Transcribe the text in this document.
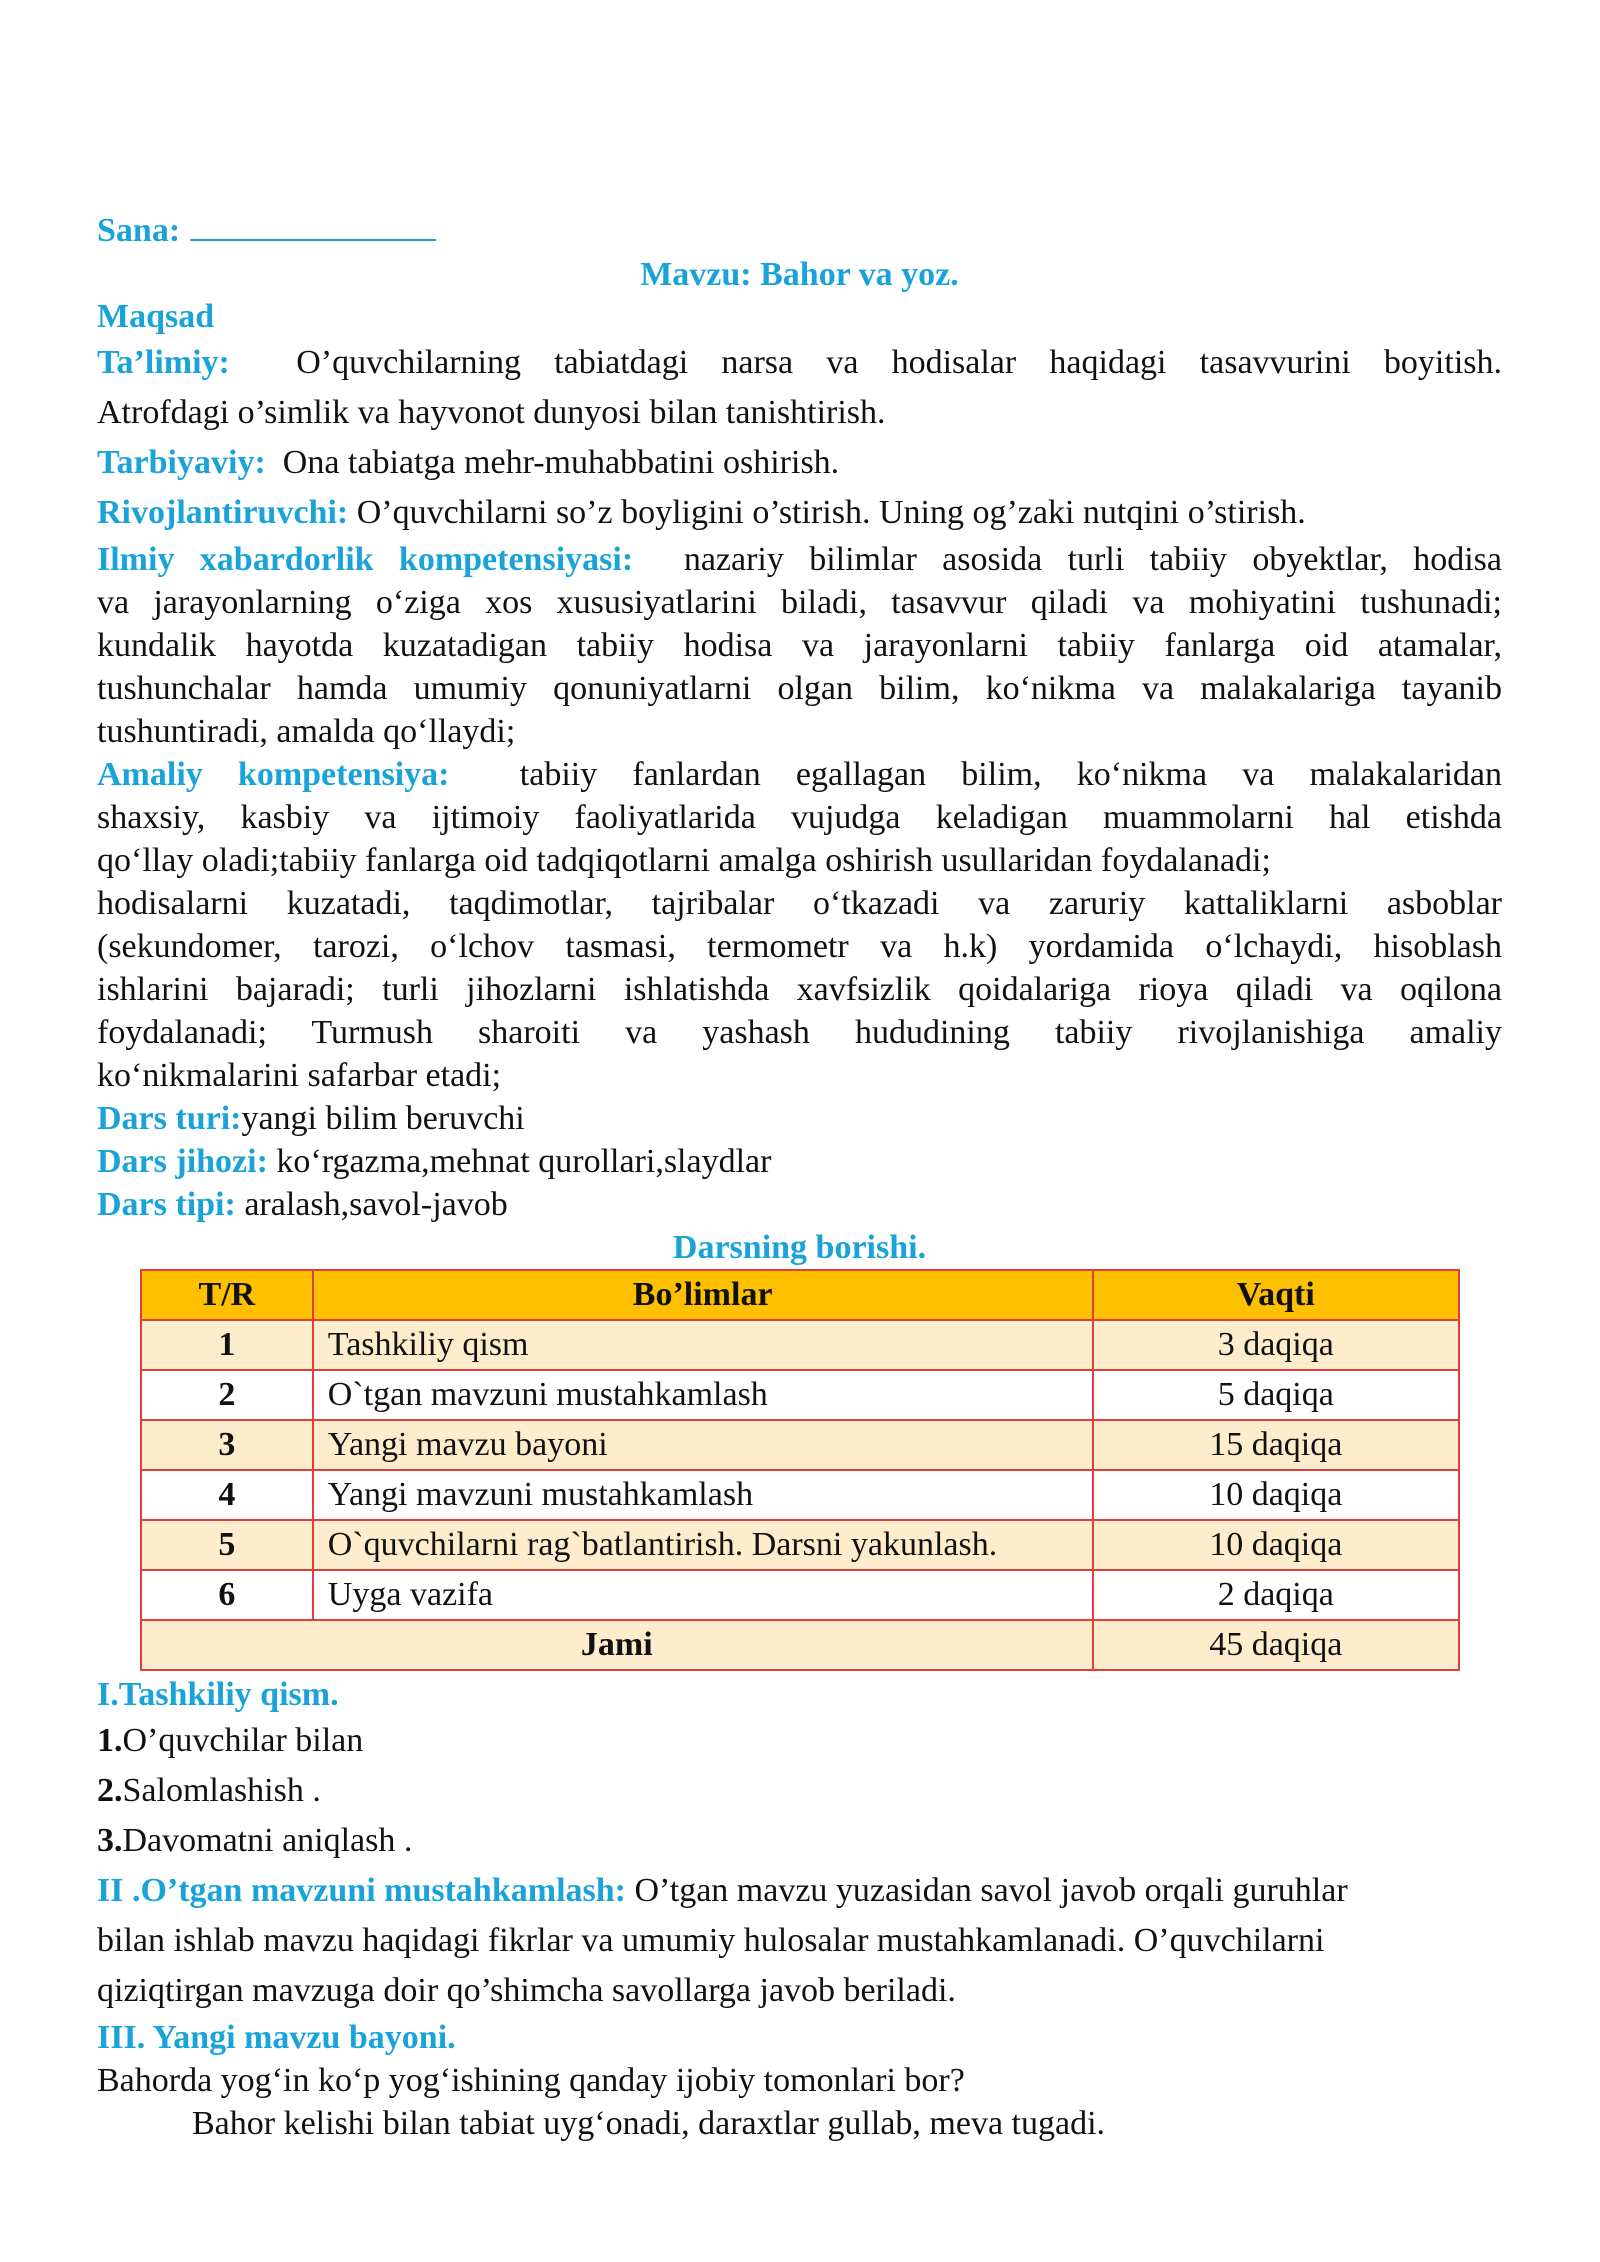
Sana:
Mavzu: Bahor va yoz.
Maqsad

Ta’limiy: O’quvchilarning tabiatdagi narsa va hodisalar haqidagi tasavvurini boyitish.

Atrofdagi o’simlik va hayvonot dunyosi bilan tanishtirish.

Tarbiyaviy: Ona tabiatga mehr-muhabbatini oshirish.

Rivojlantiruvchi: O’quvchilarni so’z boyligini o’stirish. Uning og’zaki nutqini o’stirish.

Ilmiy xabardorlik kompetensiyasi: nazariy bilimlar asosida turli tabiiy obyektlar, hodisa

va jarayonlarning o‘ziga xos xususiyatlarini biladi, tasavvur qiladi va mohiyatini tushunadi;

kundalik hayotda kuzatadigan tabiiy hodisa va jarayonlarni tabiiy fanlarga oid atamalar,

tushunchalar hamda umumiy qonuniyatlarni olgan bilim, ko‘nikma va malakalariga tayanib

tushuntiradi, amalda qo‘llaydi;

Amaliy kompetensiya: tabiiy fanlardan egallagan bilim, ko‘nikma va malakalaridan

shaxsiy, kasbiy va ijtimoiy faoliyatlarida vujudga keladigan muammolarni hal etishda

qo‘llay oladi;tabiiy fanlarga oid tadqiqotlarni amalga oshirish usullaridan foydalanadi;

hodisalarni kuzatadi, taqdimotlar, tajribalar o‘tkazadi va zaruriy kattaliklarni asboblar

(sekundomer, tarozi, o‘lchov tasmasi, termometr va h.k) yordamida o‘lchaydi, hisoblash

ishlarini bajaradi; turli jihozlarni ishlatishda xavfsizlik qoidalariga rioya qiladi va oqilona

foydalanadi; Turmush sharoiti va yashash hududining tabiiy rivojlanishiga amaliy

ko‘nikmalarini safarbar etadi;

Dars turi:yangi bilim beruvchi

Dars jihozi: ko‘rgazma,mehnat qurollari,slaydlar

Dars tipi: aralash,savol-javob

Darsning borishi.
T/R	Bo’limlar	Vaqti
1	Tashkiliy qism	3 daqiqa
2	O`tgan mavzuni mustahkamlash	5 daqiqa
3	Yangi mavzu bayoni	15 daqiqa
4	Yangi mavzuni mustahkamlash	10 daqiqa
5	O`quvchilarni rag`batlantirish. Darsni yakunlash.	10 daqiqa
6	Uyga vazifa	2 daqiqa
Jami		45 daqiqa
I.Tashkiliy qism.

1.O’quvchilar bilan

2.Salomlashish .

3.Davomatni aniqlash .

II .O’tgan mavzuni mustahkamlash: O’tgan mavzu yuzasidan savol javob orqali guruhlar

bilan ishlab mavzu haqidagi fikrlar va umumiy hulosalar mustahkamlanadi. O’quvchilarni

qiziqtirgan mavzuga doir qo’shimcha savollarga javob beriladi.

III. Yangi mavzu bayoni.

Bahorda yog‘in ko‘p yog‘ishining qanday ijobiy tomonlari bor?

Bahor kelishi bilan tabiat uyg‘onadi, daraxtlar gullab, meva tugadi.
